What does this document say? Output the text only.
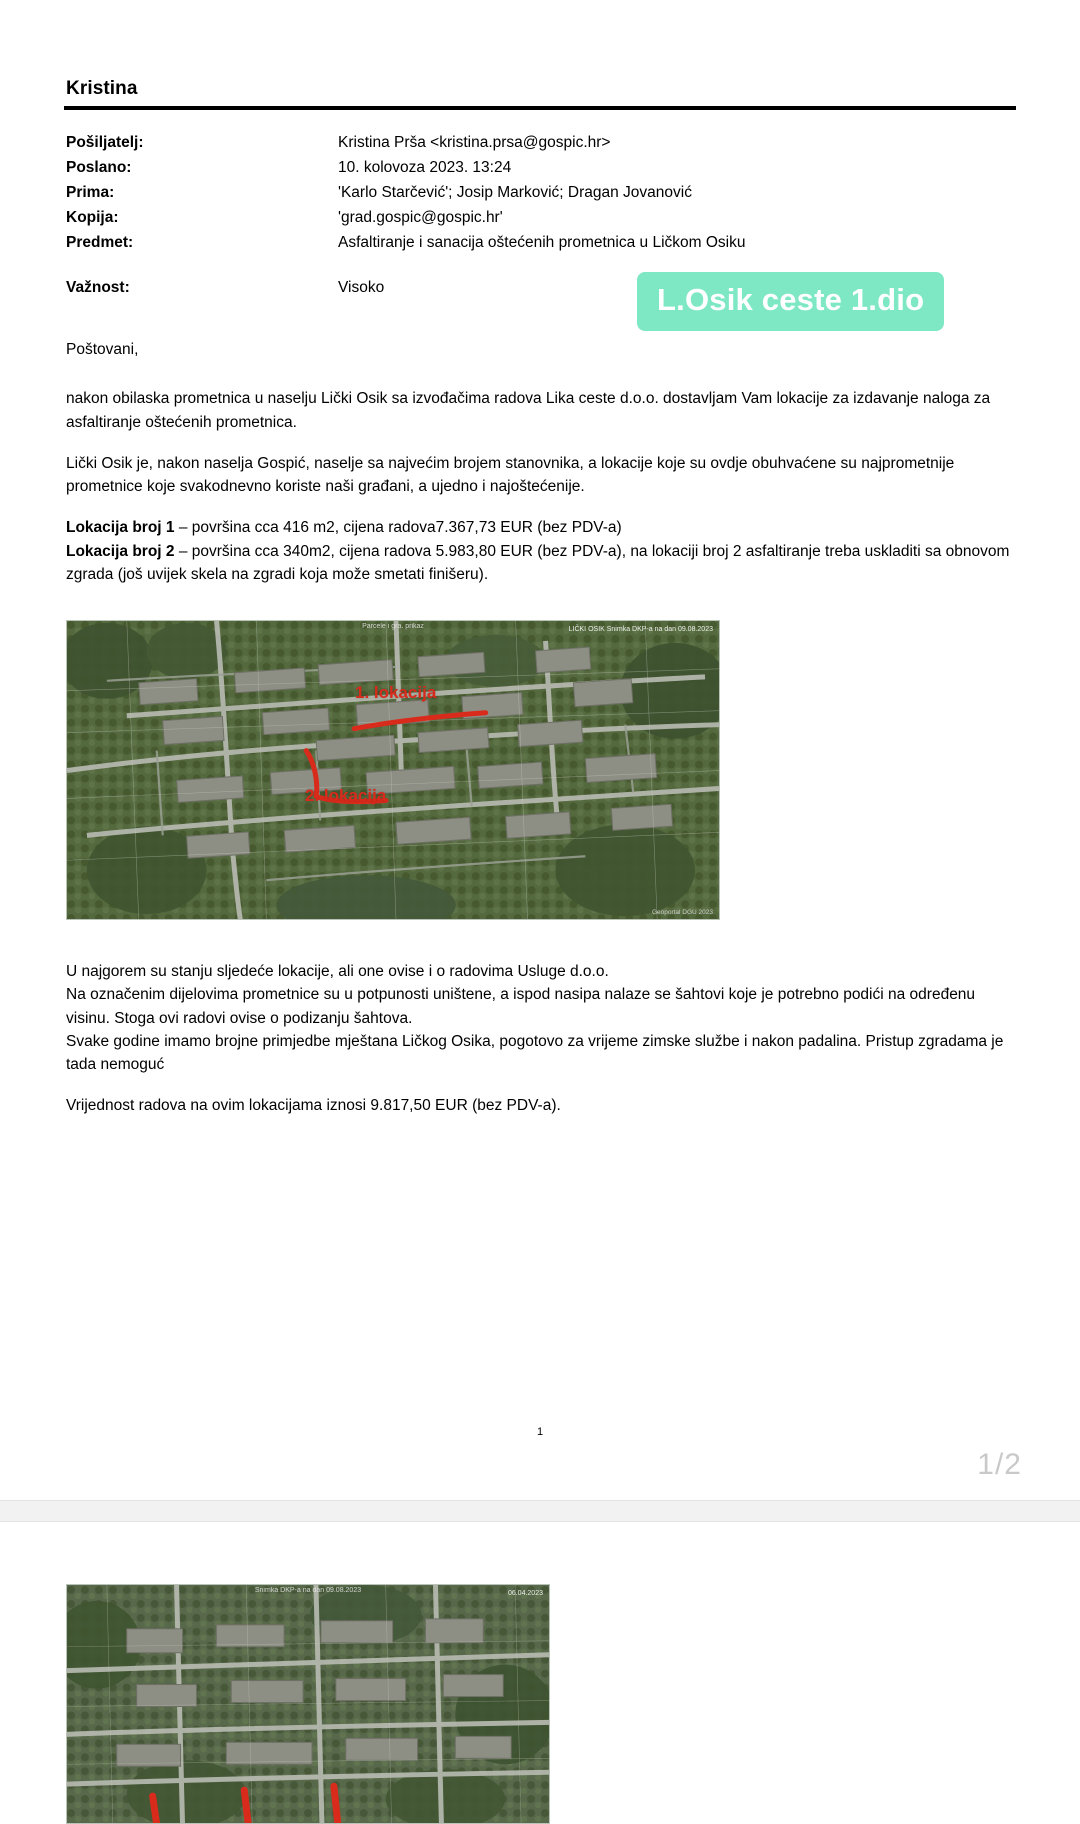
Kristina
Pošiljatelj:	Kristina Prša <kristina.prsa@gospic.hr>
Poslano:	10. kolovoza 2023. 13:24
Prima:	'Karlo Starčević'; Josip Marković; Dragan Jovanović
Kopija:	'grad.gospic@gospic.hr'
Predmet:	Asfaltiranje i sanacija oštećenih prometnica u Ličkom Osiku
Važnost:	Visoko	L.Osik ceste 1.dio

Poštovani,

nakon obilaska prometnica u naselju Lički Osik sa izvođačima radova Lika ceste d.o.o. dostavljam Vam lokacije za izdavanje naloga za asfaltiranje oštećenih prometnica.

Lički Osik je, nakon naselja Gospić, naselje sa najvećim brojem stanovnika, a lokacije koje su ovdje obuhvaćene su najprometnije prometnice koje svakodnevno koriste naši građani, a ujedno i najoštećenije.

Lokacija broj 1 – površina cca 416 m2, cijena radova7.367,73 EUR (bez PDV-a)

Lokacija broj 2 – površina cca 340m2, cijena radova 5.983,80 EUR (bez PDV-a), na lokaciji broj 2 asfaltiranje treba uskladiti sa obnovom zgrada (još uvijek skela na zgradi koja može smetati finišeru).

Parcele i gra. prikaz	LIČKI OSIK Snimka DKP-a na dan 09.08.2023
Geoportal DGU 2023
1. lokacija
2. lokacija

U najgorem su stanju sljedeće lokacije, ali one ovise i o radovima Usluge d.o.o.

Na označenim dijelovima prometnice su u potpunosti uništene, a ispod nasipa nalaze se šahtovi koje je potrebno podići na određenu visinu. Stoga ovi radovi ovise o podizanju šahtova.

Svake godine imamo brojne primjedbe mještana Ličkog Osika, pogotovo za vrijeme zimske službe i nakon padalina. Pristup zgradama je tada nemoguć

Vrijednost radova na ovim lokacijama iznosi 9.817,50 EUR (bez PDV-a).

1
1/2
Snimka DKP-a na dan 09.08.2023	06.04.2023
